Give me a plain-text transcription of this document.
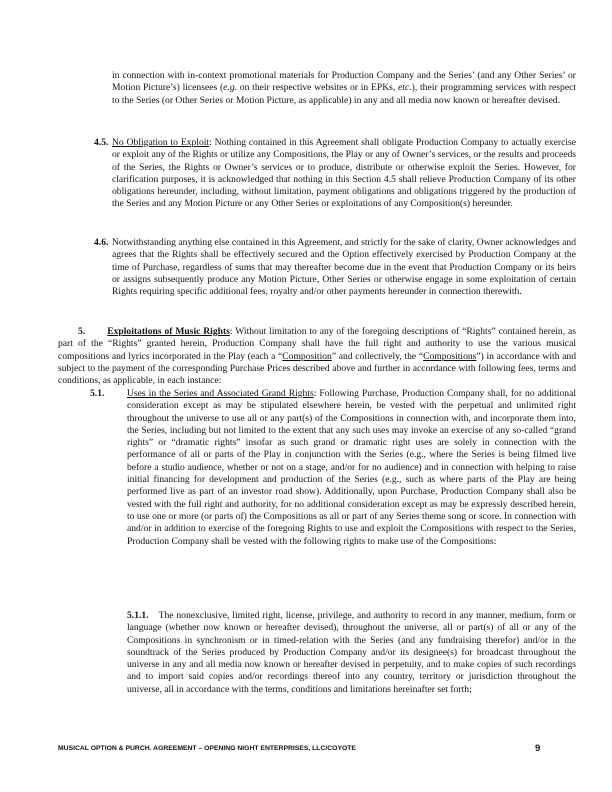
in connection with in-context promotional materials for Production Company and the Series’ (and any Other Series’ or Motion Picture’s) licensees (e.g. on their respective websites or in EPKs, etc.), their programming services with respect to the Series (or Other Series or Motion Picture, as applicable) in any and all media now known or hereafter devised.
4.5. No Obligation to Exploit: Nothing contained in this Agreement shall obligate Production Company to actually exercise or exploit any of the Rights or utilize any Compositions, the Play or any of Owner’s services, or the results and proceeds of the Series, the Rights or Owner’s services or to produce, distribute or otherwise exploit the Series. However, for clarification purposes, it is acknowledged that nothing in this Section 4.5 shall relieve Production Company of its other obligations hereunder, including, without limitation, payment obligations and obligations triggered by the production of the Series and any Motion Picture or any Other Series or exploitations of any Composition(s) hereunder.
4.6. Notwithstanding anything else contained in this Agreement, and strictly for the sake of clarity, Owner acknowledges and agrees that the Rights shall be effectively secured and the Option effectively exercised by Production Company at the time of Purchase, regardless of sums that may thereafter become due in the event that Production Company or its heirs or assigns subsequently produce any Motion Picture, Other Series or otherwise engage in some exploitation of certain Rights requiring specific additional fees, royalty and/or other payments hereunder in connection therewith.
5. Exploitations of Music Rights: Without limitation to any of the foregoing descriptions of “Rights” contained herein, as part of the “Rights” granted herein, Production Company shall have the full right and authority to use the various musical compositions and lyrics incorporated in the Play (each a “Composition” and collectively, the “Compositions”) in accordance with and subject to the payment of the corresponding Purchase Prices described above and further in accordance with following fees, terms and conditions, as applicable, in each instance:
5.1. Uses in the Series and Associated Grand Rights: Following Purchase, Production Company shall, for no additional consideration except as may be stipulated elsewhere herein, be vested with the perpetual and unlimited right throughout the universe to use all or any part(s) of the Compositions in connection with, and incorporate them into, the Series, including but not limited to the extent that any such uses may invoke an exercise of any so-called “grand rights” or “dramatic rights” insofar as such grand or dramatic right uses are solely in connection with the performance of all or parts of the Play in conjunction with the Series (e.g., where the Series is being filmed live before a studio audience, whether or not on a stage, and/or for no audience) and in connection with helping to raise initial financing for development and production of the Series (e.g., such as where parts of the Play are being performed live as part of an investor road show). Additionally, upon Purchase, Production Company shall also be vested with the full right and authority, for no additional consideration except as may be expressly described herein, to use one or more (or parts of) the Compositions as all or part of any Series theme song or score. In connection with and/or in addition to exercise of the foregoing Rights to use and exploit the Compositions with respect to the Series, Production Company shall be vested with the following rights to make use of the Compositions:
5.1.1. The nonexclusive, limited right, license, privilege, and authority to record in any manner, medium, form or language (whether now known or hereafter devised), throughout the universe, all or part(s) of all or any of the Compositions in synchronism or in timed-relation with the Series (and any fundraising therefor) and/or in the soundtrack of the Series produced by Production Company and/or its designee(s) for broadcast throughout the universe in any and all media now known or hereafter devised in perpetuity, and to make copies of such recordings and to import said copies and/or recordings thereof into any country, territory or jurisdiction throughout the universe, all in accordance with the terms, conditions and limitations hereinafter set forth;
MUSICAL OPTION & PURCH. AGREEMENT – OPENING NIGHT ENTERPRISES, LLC/COYOTE	9
